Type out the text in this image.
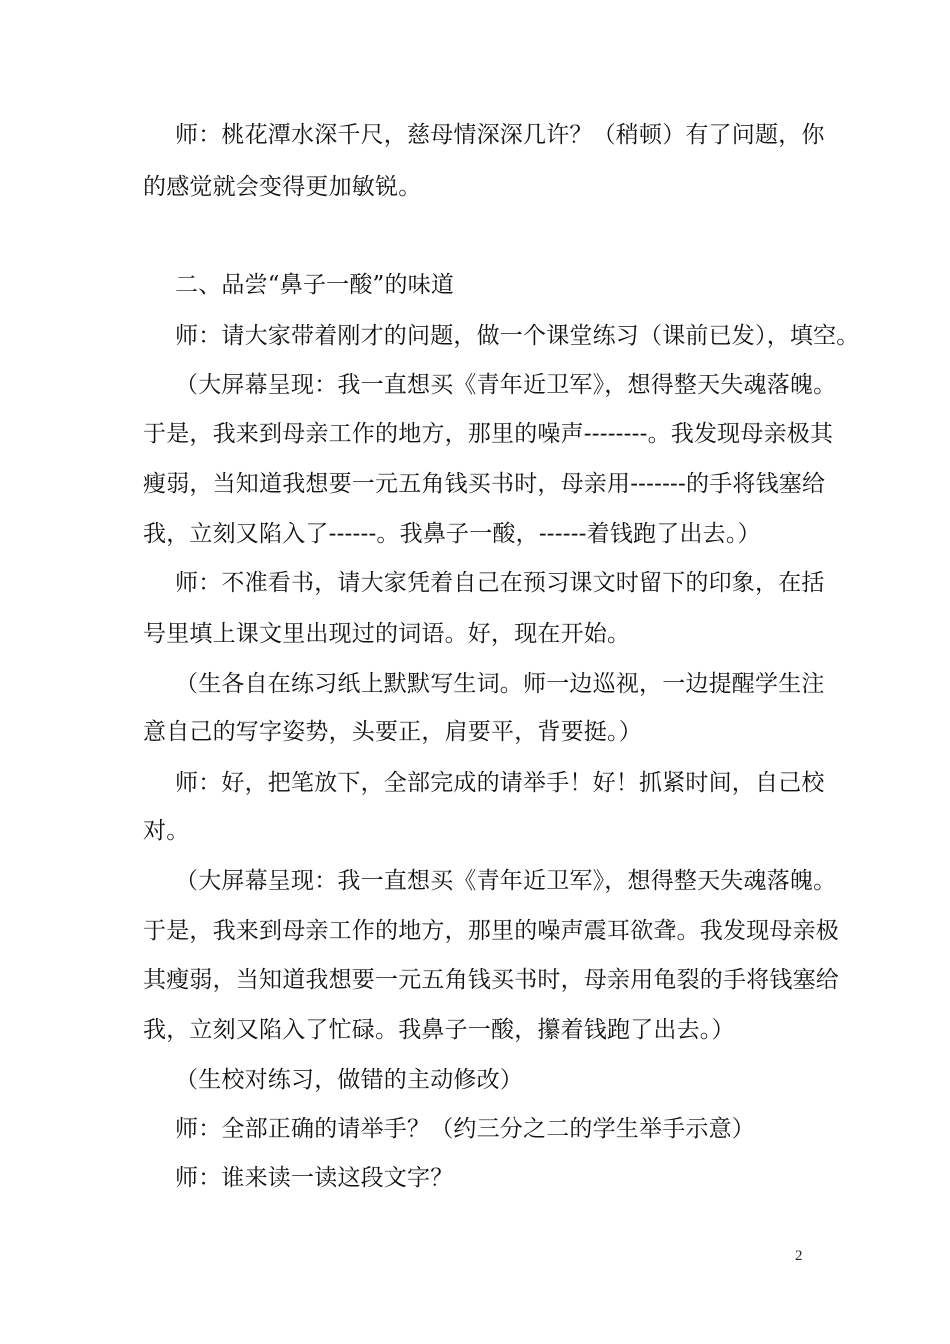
师：桃花潭水深千尺，慈母情深深几许？（稍顿）有了问题，你
的感觉就会变得更加敏锐。
二、品尝“鼻子一酸”的味道
师：请大家带着刚才的问题，做一个课堂练习（课前已发），填空。
（大屏幕呈现：我一直想买《青年近卫军》，想得整天失魂落魄。
于是，我来到母亲工作的地方，那里的噪声--------。我发现母亲极其
瘦弱，当知道我想要一元五角钱买书时，母亲用-------的手将钱塞给
我，立刻又陷入了------。我鼻子一酸，------着钱跑了出去。）
师：不准看书，请大家凭着自己在预习课文时留下的印象，在括
号里填上课文里出现过的词语。好，现在开始。
（生各自在练习纸上默默写生词。师一边巡视，一边提醒学生注
意自己的写字姿势，头要正，肩要平，背要挺。）
师：好，把笔放下，全部完成的请举手！好！抓紧时间，自己校
对。
（大屏幕呈现：我一直想买《青年近卫军》，想得整天失魂落魄。
于是，我来到母亲工作的地方，那里的噪声震耳欲聋。我发现母亲极
其瘦弱，当知道我想要一元五角钱买书时，母亲用龟裂的手将钱塞给
我，立刻又陷入了忙碌。我鼻子一酸，攥着钱跑了出去。）
（生校对练习，做错的主动修改）
师：全部正确的请举手？（约三分之二的学生举手示意）
师：谁来读一读这段文字？
2
